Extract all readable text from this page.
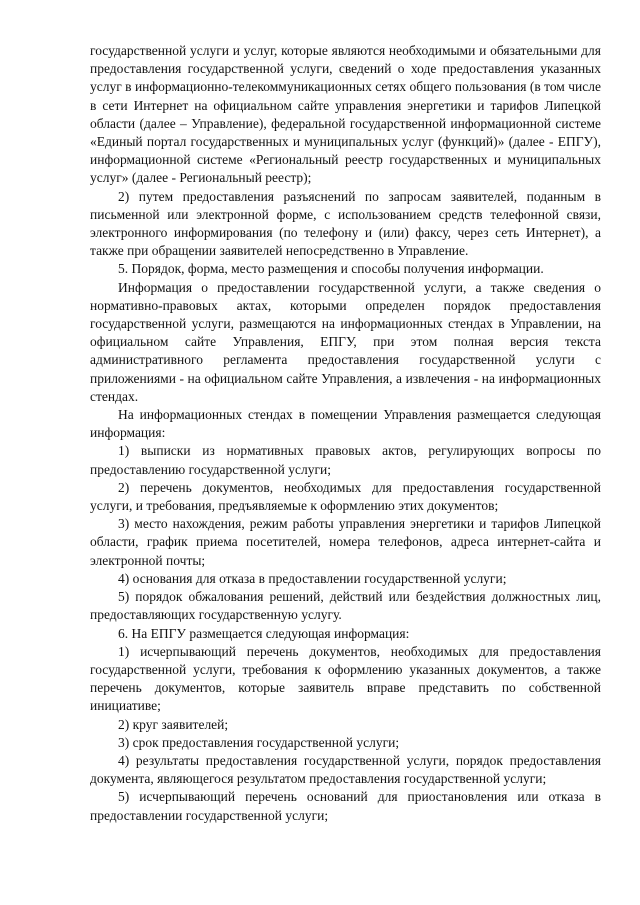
государственной услуги и услуг, которые являются необходимыми и обязательными для предоставления государственной услуги, сведений о ходе предоставления указанных услуг в информационно-телекоммуникационных сетях общего пользования (в том числе в сети Интернет на официальном сайте управления энергетики и тарифов Липецкой области (далее – Управление), федеральной государственной информационной системе «Единый портал государственных и муниципальных услуг (функций)» (далее - ЕПГУ), информационной системе «Региональный реестр государственных и муниципальных услуг» (далее - Региональный реестр);

2) путем предоставления разъяснений по запросам заявителей, поданным в письменной или электронной форме, с использованием средств телефонной связи, электронного информирования (по телефону и (или) факсу, через сеть Интернет), а также при обращении заявителей непосредственно в Управление.

5. Порядок, форма, место размещения и способы получения информации.

Информация о предоставлении государственной услуги, а также сведения о нормативно-правовых актах, которыми определен порядок предоставления государственной услуги, размещаются на информационных стендах в Управлении, на официальном сайте Управления, ЕПГУ, при этом полная версия текста административного регламента предоставления государственной услуги с приложениями - на официальном сайте Управления, а извлечения - на информационных стендах.

На информационных стендах в помещении Управления размещается следующая информация:

1) выписки из нормативных правовых актов, регулирующих вопросы по предоставлению государственной услуги;

2) перечень документов, необходимых для предоставления государственной услуги, и требования, предъявляемые к оформлению этих документов;

3) место нахождения, режим работы управления энергетики и тарифов Липецкой области, график приема посетителей, номера телефонов, адреса интернет-сайта и электронной почты;

4) основания для отказа в предоставлении государственной услуги;

5) порядок обжалования решений, действий или бездействия должностных лиц, предоставляющих государственную услугу.

6. На ЕПГУ размещается следующая информация:

1) исчерпывающий перечень документов, необходимых для предоставления государственной услуги, требования к оформлению указанных документов, а также перечень документов, которые заявитель вправе представить по собственной инициативе;

2) круг заявителей;

3) срок предоставления государственной услуги;

4) результаты предоставления государственной услуги, порядок предоставления документа, являющегося результатом предоставления государственной услуги;

5) исчерпывающий перечень оснований для приостановления или отказа в предоставлении государственной услуги;
